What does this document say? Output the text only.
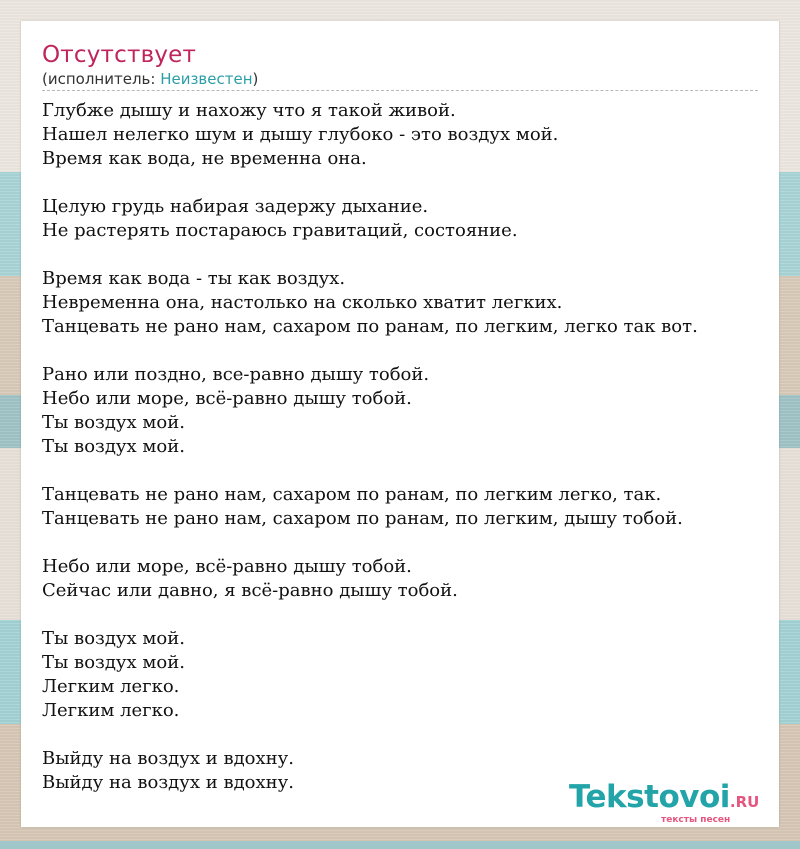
Отсутствует
(исполнитель: Неизвестен)
Глубже дышу и нахожу что я такой живой.
Нашел нелегко шум и дышу глубоко - это воздух мой.
Время как вода, не временна она.
Целую грудь набирая задержу дыхание.
Не растерять постараюсь гравитаций, состояние.
Время как вода - ты как воздух.
Невременна она, настолько на сколько хватит легких.
Танцевать не рано нам, сахаром по ранам, по легким, легко так вот.
Рано или поздно, все-равно дышу тобой.
Небо или море, всё-равно дышу тобой.
Ты воздух мой.
Ты воздух мой.
Танцевать не рано нам, сахаром по ранам, по легким легко, так.
Танцевать не рано нам, сахаром по ранам, по легким, дышу тобой.
Небо или море, всё-равно дышу тобой.
Сейчас или давно, я всё-равно дышу тобой.
Ты воздух мой.
Ты воздух мой.
Легким легко.
Легким легко.
Выйду на воздух и вдохну.
Выйду на воздух и вдохну.	Tekstovoi.RU
тексты песен
